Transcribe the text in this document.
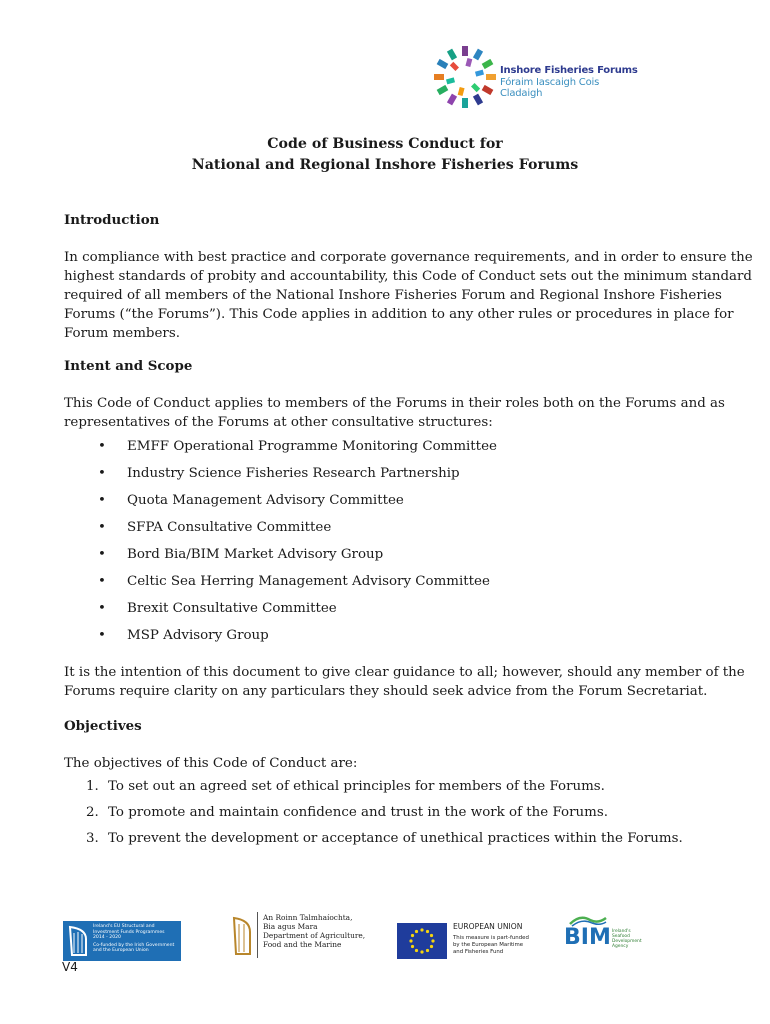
Inshore Fisheries Forums
Fóraim Iascaigh Cois Cladaigh
Code of Business Conduct for
National and Regional Inshore Fisheries Forums
Introduction
In compliance with best practice and corporate governance requirements, and in order to ensure the
highest standards of probity and accountability, this Code of Conduct sets out the minimum standard
required of all members of the National Inshore Fisheries Forum and Regional Inshore Fisheries
Forums (“the Forums”). This Code applies in addition to any other rules or procedures in place for
Forum members.
Intent and Scope
This Code of Conduct applies to members of the Forums in their roles both on the Forums and as
representatives of the Forums at other consultative structures:
• EMFF Operational Programme Monitoring Committee
• Industry Science Fisheries Research Partnership
• Quota Management Advisory Committee
• SFPA Consultative Committee
• Bord Bia/BIM Market Advisory Group
• Celtic Sea Herring Management Advisory Committee
• Brexit Consultative Committee
• MSP Advisory Group
It is the intention of this document to give clear guidance to all; however, should any member of the
Forums require clarity on any particulars they should seek advice from the Forum Secretariat.
Objectives
The objectives of this Code of Conduct are:
1. To set out an agreed set of ethical principles for members of the Forums.
2. To promote and maintain confidence and trust in the work of the Forums.
3. To prevent the development or acceptance of unethical practices within the Forums.
Ireland's EU Structural and
Investment Funds Programmes
2014 - 2020
Co-funded by the Irish Government
and the European Union
An Roinn Talmhaíochta,
Bia agus Mara
Department of Agriculture,
Food and the Marine
EUROPEAN UNION
This measure is part-funded
by the European Maritime
and Fisheries Fund
BIM Ireland's
Seafood
Development
Agency
V4
